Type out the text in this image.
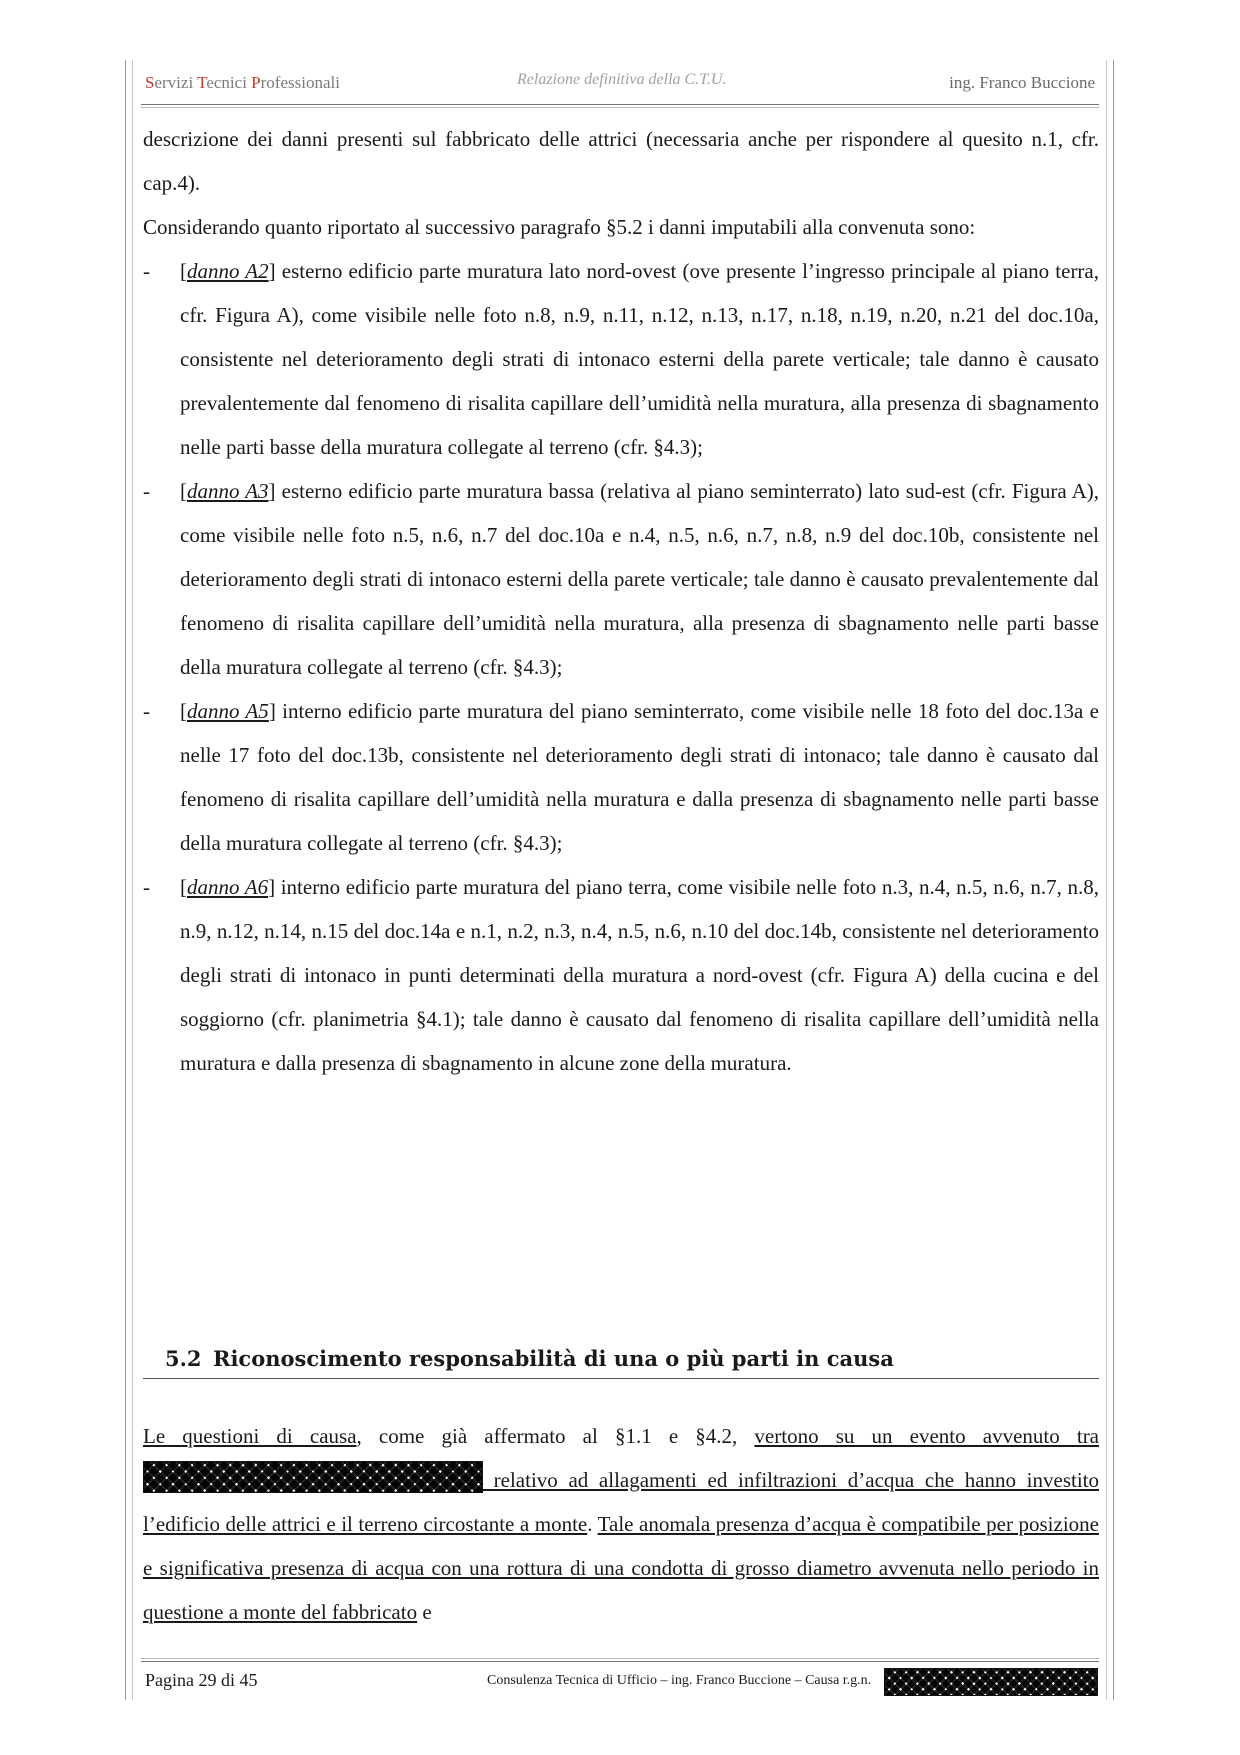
Servizi Tecnici Professionali	Relazione definitiva della C.T.U.	ing. Franco Buccione

descrizione dei danni presenti sul fabbricato delle attrici (necessaria anche per rispondere al quesito n.1, cfr. cap.4).

Considerando quanto riportato al successivo paragrafo §5.2 i danni imputabili alla convenuta sono:

- [danno A2] esterno edificio parte muratura lato nord-ovest (ove presente l’ingresso principale al piano terra, cfr. Figura A), come visibile nelle foto n.8, n.9, n.11, n.12, n.13, n.17, n.18, n.19, n.20, n.21 del doc.10a, consistente nel deterioramento degli strati di intonaco esterni della parete verticale; tale danno è causato prevalentemente dal fenomeno di risalita capillare dell’umidità nella muratura, alla presenza di sbagnamento nelle parti basse della muratura collegate al terreno (cfr. §4.3);
- [danno A3] esterno edificio parte muratura bassa (relativa al piano seminterrato) lato sud-est (cfr. Figura A), come visibile nelle foto n.5, n.6, n.7 del doc.10a e n.4, n.5, n.6, n.7, n.8, n.9 del doc.10b, consistente nel deterioramento degli strati di intonaco esterni della parete verticale; tale danno è causato prevalentemente dal fenomeno di risalita capillare dell’umidità nella muratura, alla presenza di sbagnamento nelle parti basse della muratura collegate al terreno (cfr. §4.3);
- [danno A5] interno edificio parte muratura del piano seminterrato, come visibile nelle 18 foto del doc.13a e nelle 17 foto del doc.13b, consistente nel deterioramento degli strati di intonaco; tale danno è causato dal fenomeno di risalita capillare dell’umidità nella muratura e dalla presenza di sbagnamento nelle parti basse della muratura collegate al terreno (cfr. §4.3);
- [danno A6] interno edificio parte muratura del piano terra, come visibile nelle foto n.3, n.4, n.5, n.6, n.7, n.8, n.9, n.12, n.14, n.15 del doc.14a e n.1, n.2, n.3, n.4, n.5, n.6, n.10 del doc.14b, consistente nel deterioramento degli strati di intonaco in punti determinati della muratura a nord-ovest (cfr. Figura A) della cucina e del soggiorno (cfr. planimetria §4.1); tale danno è causato dal fenomeno di risalita capillare dell’umidità nella muratura e dalla presenza di sbagnamento in alcune zone della muratura.
5.2 Riconoscimento responsabilità di una o più parti in causa

Le questioni di causa, come già affermato al §1.1 e §4.2, vertono su un evento avvenuto tra  relativo ad allagamenti ed infiltrazioni d’acqua che hanno investito l’edificio delle attrici e il terreno circostante a monte. Tale anomala presenza d’acqua è compatibile per posizione e significativa presenza di acqua con una rottura di una condotta di grosso diametro avvenuta nello periodo in questione a monte del fabbricato e

Pagina 29 di 45	Consulenza Tecnica di Ufficio – ing. Franco Buccione – Causa r.g.n.
